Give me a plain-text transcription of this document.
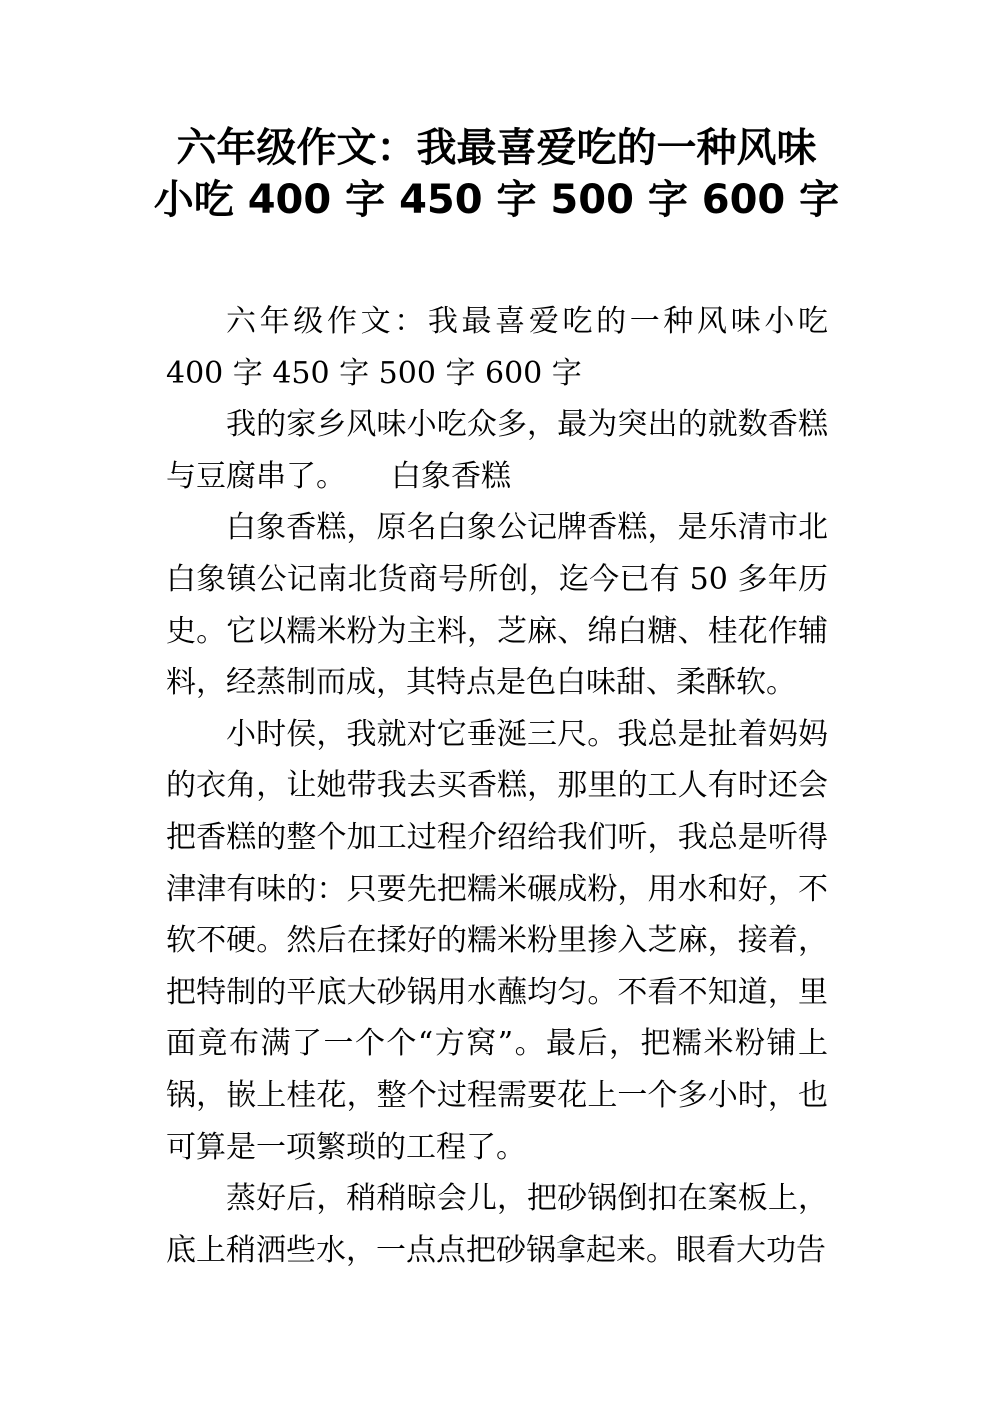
六年级作文：我最喜爱吃的一种风味
小吃 400 字 450 字 500 字 600 字

六年级作文：我最喜爱吃的一种风味小吃 400 字 450 字 500 字 600 字

我的家乡风味小吃众多，最为突出的就数香糕与豆腐串了。　　白象香糕

白象香糕，原名白象公记牌香糕，是乐清市北白象镇公记南北货商号所创，迄今已有 50 多年历史。它以糯米粉为主料，芝麻、绵白糖、桂花作辅料，经蒸制而成，其特点是色白味甜、柔酥软。

小时侯，我就对它垂涎三尺。我总是扯着妈妈的衣角，让她带我去买香糕，那里的工人有时还会把香糕的整个加工过程介绍给我们听，我总是听得津津有味的：只要先把糯米碾成粉，用水和好，不软不硬。然后在揉好的糯米粉里掺入芝麻，接着，把特制的平底大砂锅用水蘸均匀。不看不知道，里面竟布满了一个个“方窝”。最后，把糯米粉铺上锅，嵌上桂花，整个过程需要花上一个多小时，也可算是一项繁琐的工程了。

蒸好后，稍稍晾会儿，把砂锅倒扣在案板上，底上稍洒些水，一点点把砂锅拿起来。眼看大功告
